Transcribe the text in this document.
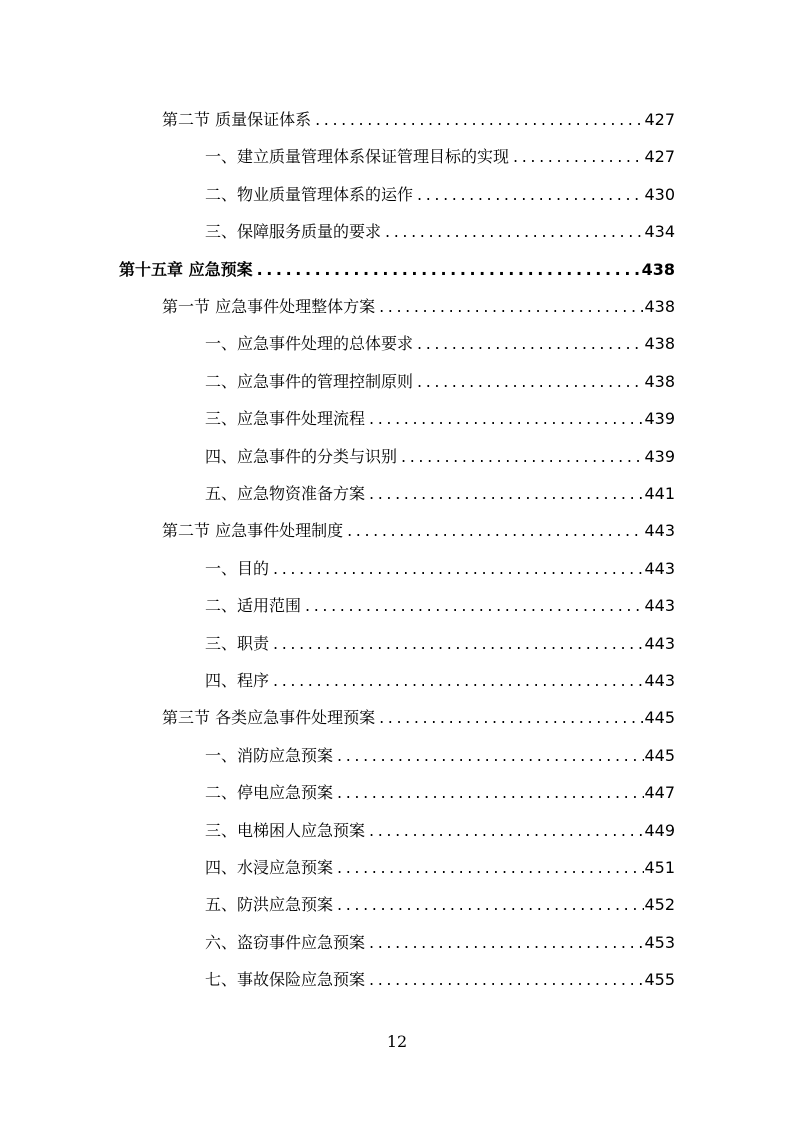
第二节 质量保证体系 .....	427
一、建立质量管理体系保证管理目标的实现 .....	427
二、物业质量管理体系的运作 .....	430
三、保障服务质量的要求 .....	434
第十五章 应急预案 .....	438
第一节 应急事件处理整体方案 .....	438
一、应急事件处理的总体要求 .....	438
二、应急事件的管理控制原则 .....	438
三、应急事件处理流程 .....	439
四、应急事件的分类与识别 .....	439
五、应急物资准备方案 .....	441
第二节 应急事件处理制度 .....	443
一、目的 .....	443
二、适用范围 .....	443
三、职责 .....	443
四、程序 .....	443
第三节 各类应急事件处理预案 .....	445
一、消防应急预案 .....	445
二、停电应急预案 .....	447
三、电梯困人应急预案 .....	449
四、水浸应急预案 .....	451
五、防洪应急预案 .....	452
六、盗窃事件应急预案 .....	453
七、事故保险应急预案 .....	455
12
